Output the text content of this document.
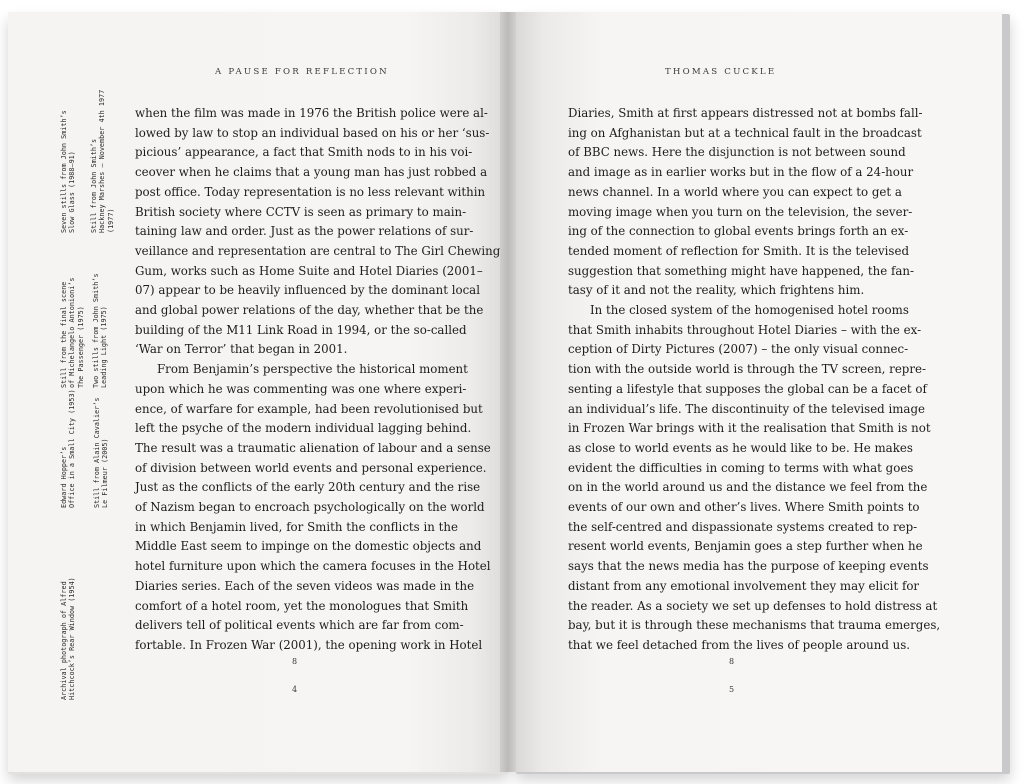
A PAUSE FOR REFLECTION	THOMAS CUCKLE

when the film was made in 1976 the British police were al-
lowed by law to stop an individual based on his or her ‘sus-
picious’ appearance, a fact that Smith nods to in his voi-
ceover when he claims that a young man has just robbed a
post office. Today representation is no less relevant within
British society where CCTV is seen as primary to main-
taining law and order. Just as the power relations of sur-
veillance and representation are central to The Girl Chewing
Gum, works such as Home Suite and Hotel Diaries (2001–
07) appear to be heavily influenced by the dominant local
and global power relations of the day, whether that be the
building of the M11 Link Road in 1994, or the so-called
‘War on Terror’ that began in 2001.

From Benjamin’s perspective the historical moment
upon which he was commenting was one where experi-
ence, of warfare for example, had been revolutionised but
left the psyche of the modern individual lagging behind.
The result was a traumatic alienation of labour and a sense
of division between world events and personal experience.
Just as the conflicts of the early 20th century and the rise
of Nazism began to encroach psychologically on the world
in which Benjamin lived, for Smith the conflicts in the
Middle East seem to impinge on the domestic objects and
hotel furniture upon which the camera focuses in the Hotel
Diaries series. Each of the seven videos was made in the
comfort of a hotel room, yet the monologues that Smith
delivers tell of political events which are far from com-
fortable. In Frozen War (2001), the opening work in Hotel

Diaries, Smith at first appears distressed not at bombs fall-
ing on Afghanistan but at a technical fault in the broadcast
of BBC news. Here the disjunction is not between sound
and image as in earlier works but in the flow of a 24-hour
news channel. In a world where you can expect to get a
moving image when you turn on the television, the sever-
ing of the connection to global events brings forth an ex-
tended moment of reflection for Smith. It is the televised
suggestion that something might have happened, the fan-
tasy of it and not the reality, which frightens him.

In the closed system of the homogenised hotel rooms
that Smith inhabits throughout Hotel Diaries – with the ex-
ception of Dirty Pictures (2007) – the only visual connec-
tion with the outside world is through the TV screen, repre-
senting a lifestyle that supposes the global can be a facet of
an individual’s life. The discontinuity of the televised image
in Frozen War brings with it the realisation that Smith is not
as close to world events as he would like to be. He makes
evident the difficulties in coming to terms with what goes
on in the world around us and the distance we feel from the
events of our own and other’s lives. Where Smith points to
the self-centred and dispassionate systems created to rep-
resent world events, Benjamin goes a step further when he
says that the news media has the purpose of keeping events
distant from any emotional involvement they may elicit for
the reader. As a society we set up defenses to hold distress at
bay, but it is through these mechanisms that trauma emerges,
that we feel detached from the lives of people around us.

Archival photograph of Alfred Hitchcock’s Rear Window (1954)
Edward Hopper’s Office in a Small City (1953) Still from Alain Cavalier’s Le Filmeur (2005)
Still from the final scene of Michelangelo Antonioni’s The Passenger (1975) Two stills from John Smith’s Leading Light (1975)
Seven stills from John Smith’s Slow Glass (1988–91) Still from John Smith’s Hackney Marshes – November 4th 1977 (1977)
8
4
8
5
